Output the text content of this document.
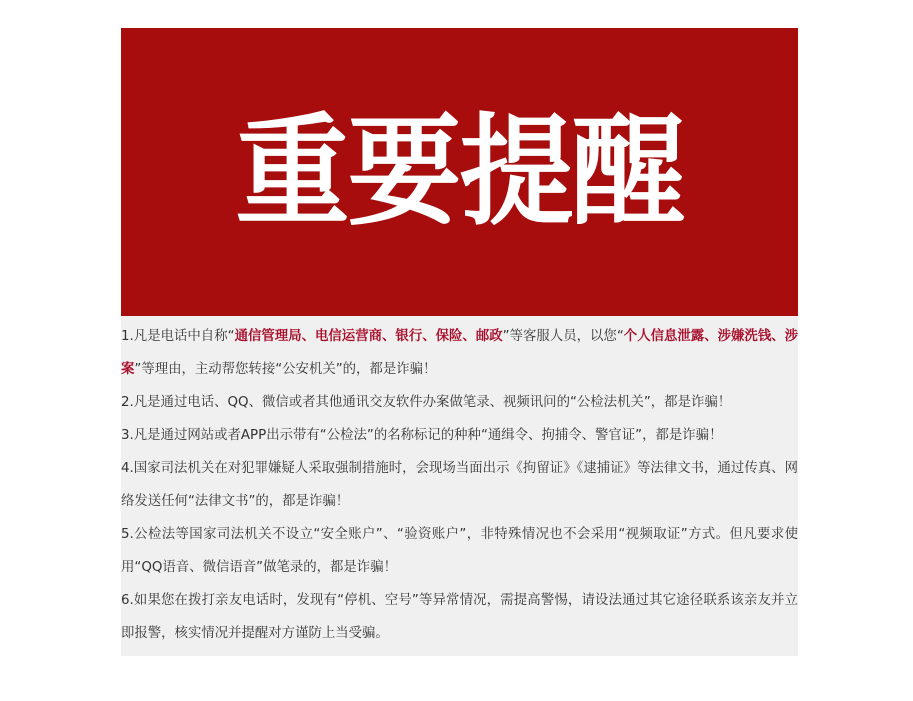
重要提醒

1.凡是电话中自称“通信管理局、电信运营商、银行、保险、邮政”等客服人员，以您“个人信息泄露、涉嫌洗钱、涉案”等理由，主动帮您转接“公安机关”的，都是诈骗！

2.凡是通过电话、QQ、微信或者其他通讯交友软件办案做笔录、视频讯问的“公检法机关”，都是诈骗！

3.凡是通过网站或者APP出示带有“公检法”的名称标记的种种“通缉令、拘捕令、警官证”，都是诈骗！

4.国家司法机关在对犯罪嫌疑人采取强制措施时，会现场当面出示《拘留证》《逮捕证》等法律文书，通过传真、网络发送任何“法律文书”的，都是诈骗！

5.公检法等国家司法机关不设立“安全账户”、“验资账户”，非特殊情况也不会采用“视频取证”方式。但凡要求使用“QQ语音、微信语音”做笔录的，都是诈骗！

6.如果您在拨打亲友电话时，发现有“停机、空号”等异常情况，需提高警惕，请设法通过其它途径联系该亲友并立即报警，核实情况并提醒对方谨防上当受骗。
